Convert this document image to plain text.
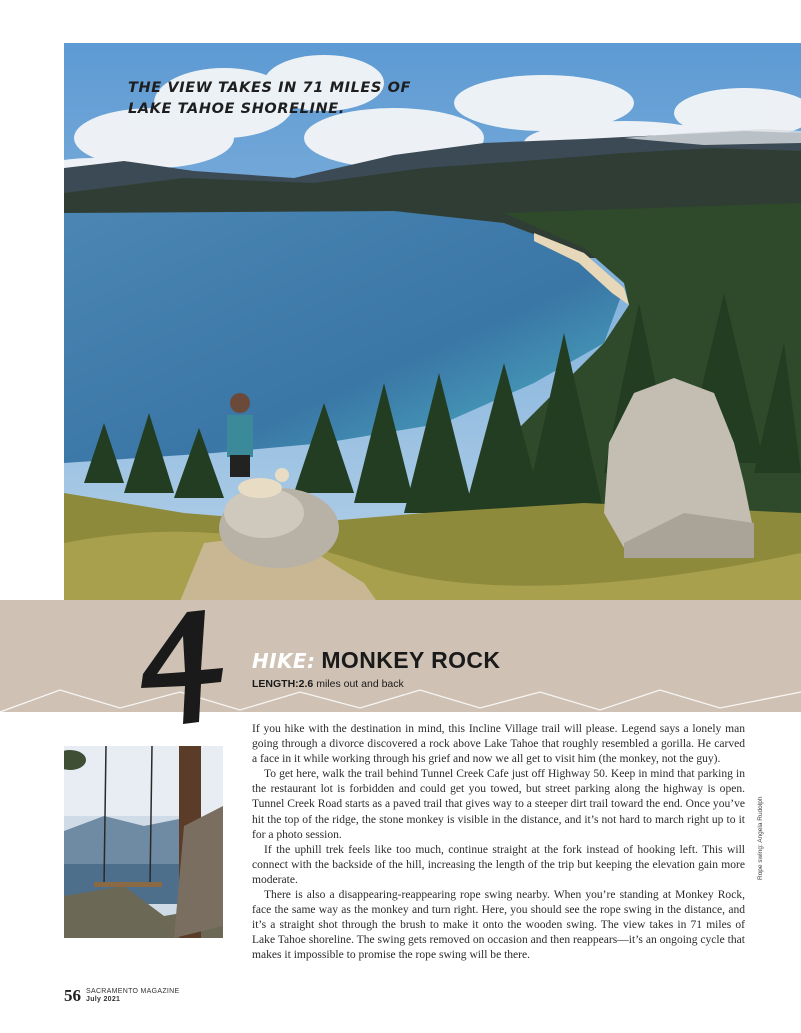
THE VIEW TAKES IN 71 MILES OF LAKE TAHOE SHORELINE.
HIKE: MONKEY ROCK
LENGTH:2.6 miles out and back

If you hike with the destination in mind, this Incline Village trail will please. Legend says a lonely man going through a divorce discovered a rock above Lake Tahoe that roughly resembled a gorilla. He carved a face in it while working through his grief and now we all get to visit him (the monkey, not the guy).

To get here, walk the trail behind Tunnel Creek Cafe just off Highway 50. Keep in mind that parking in the restaurant lot is forbidden and could get you towed, but street parking along the highway is open. Tunnel Creek Road starts as a paved trail that gives way to a steeper dirt trail toward the end. Once you’ve hit the top of the ridge, the stone monkey is visible in the distance, and it’s not hard to march right up to it for a photo session.

If the uphill trek feels like too much, continue straight at the fork instead of hooking left. This will connect with the backside of the hill, increasing the length of the trip but keeping the elevation gain more moderate.

There is also a disappearing-reappearing rope swing nearby. When you’re standing at Monkey Rock, face the same way as the monkey and turn right. Here, you should see the rope swing in the distance, and it’s a straight shot through the brush to make it onto the wooden swing. The view takes in 71 miles of Lake Tahoe shoreline. The swing gets removed on occasion and then reappears—it’s an ongoing cycle that makes it impossible to promise the rope swing will be there.

Rope swing: Angela Rudolph
56 SACRAMENTO MAGAZINE
July 2021
